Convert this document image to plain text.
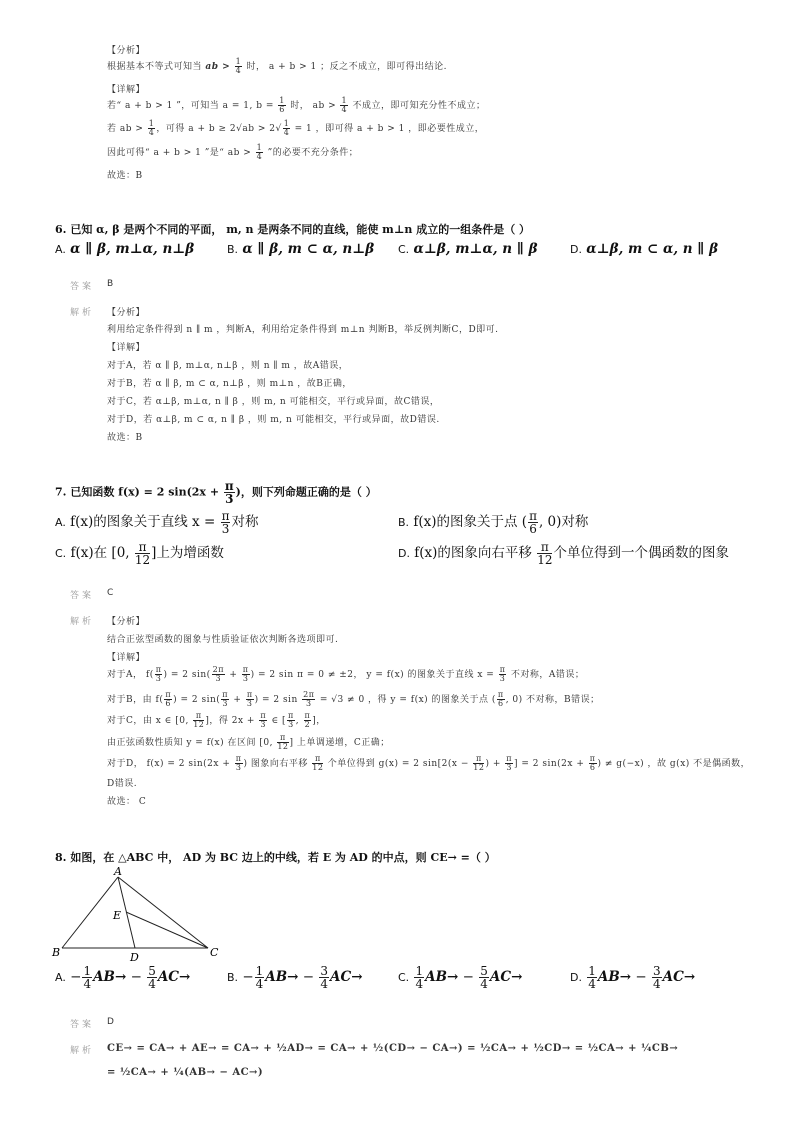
【分析】
根据基本不等式可知当 ab > $\frac{1}{4}$ 时， a + b > 1 ；反之不成立，即可得出结论.
【详解】
若“ a + b > 1 ”，可知当 a = 1, $b = \frac{1}{6}$ 时， ab > $\frac{1}{4}$ 不成立，即可知充分性不成立；
若 ab > $\frac{1}{4}$ ，可得 $a + b \ge 2√ab > 2√ \frac{1}{4} = 1$ ，即可得 a + b > 1 ，即必要性成立，
因此可得“ a + b > 1 ”是“ ab > $\frac{1}{4}$ ”的必要不充分条件；
故选：B
6. 已知 α, β 是两个不同的平面， m, n 是两条不同的直线，能使 m⊥n 成立的一组条件是（ ）
A. α ∥ β, m⊥α, n⊥β	B. α ∥ β, m ⊂ α, n⊥β C. α⊥β, m⊥α, n ∥ β	D. α⊥β, m ⊂ α, n ∥ β
答案 B
解析 【分析】
利用给定条件得到 n ∥ m ，判断A，利用给定条件得到 m⊥n 判断B，举反例判断C，D即可.
【详解】
对于A，若 α ∥ β, m⊥α, n⊥β ，则 n ∥ m ，故A错误，
对于B，若 α ∥ β, m ⊂ α, n⊥β ，则 m⊥n ，故B正确，
对于C，若 α⊥β, m⊥α, n ∥ β ，则 m, n 可能相交，平行或异面，故C错误，
对于D，若 α⊥β, m ⊂ α, n ∥ β ，则 m, n 可能相交，平行或异面，故D错误.
故选：B
7. 已知函数 f(x) = 2 $\sin(2x + \frac{\pi}{3}$ )，则下列命题正确的是（ ）
A. f(x)的图象关于直线 $x = \frac{\pi}{3}$ 对称	B. f(x)的图象关于点 ( $\frac{\pi}{6}$ , 0)对称
C. f(x)在 [0, $\frac{\pi}{12}$ ]上为增函数	D. f(x)的图象向右平移 $\frac{\pi}{12}$ 个单位得到一个偶函数的图象
答案 C
解析 【分析】
结合正弦型函数的图象与性质验证依次判断各选项即可.
【详解】
对于A， $f( \frac{\pi}{3}$ ) = 2 $\sin( \frac{2\pi}{3} + \frac{\pi}{3}$ ) = 2 sin π = 0 ≠ ±2， y = f(x) 的图象关于直线 $x = \frac{\pi}{3}$ 不对称，A错误；
对于B，由 $f( \frac{\pi}{6}$ ) = 2 $\sin( \frac{\pi}{3} + \frac{\pi}{3}$ ) = 2 $\sin \frac{2\pi}{3} = √3 \ne 0$ ，得 y = f(x) 的图象关于点 ( $\frac{\pi}{6}$ , 0) 不对称，B错误；
对于C，由 x ∈ [0, $\frac{\pi}{12}$ ]，得 $2x + \frac{\pi}{3}$ ∈ [ $\frac{\pi}{3}$ , $\frac{\pi}{2}$ ]，
由正弦函数性质知 y = f(x) 在区间 [0, $\frac{\pi}{12}$ ] 上单调递增，C正确；
对于D， f(x) = 2 $\sin(2x + \frac{\pi}{3}$ ) 图象向右平移 $\frac{\pi}{12}$ 个单位得到 g(x) = 2 $\sin[2(x - \frac{\pi}{12}$ ) + $\frac{\pi}{3}$ ] = 2 $\sin(2x + \frac{\pi}{6}$ ) ≠ g(−x) ，故 g(x) 不是偶函数，
D错误.
故选： C
8. 如图，在 △ABC 中， AD 为 BC 边上的中线，若 E 为 AD 的中点，则 CE→ =（ ）
A
B	C
D
E
A. − $\frac{1}{4} AB\to - \frac{5}{4} AC\to$	B. − $\frac{1}{4} AB\to - \frac{3}{4} AC\to$	C. $\frac{1}{4} AB\to - \frac{5}{4} AC\to$	D. $\frac{1}{4} AB\to - \frac{3}{4} AC\to$
答案 D
解析 CE→ = CA→ + AE→ = CA→ + ½AD→ = CA→ + ½(CD→ − CA→) = ½CA→ + ½CD→ = ½CA→ + ¼CB→
= ½CA→ + ¼(AB→ − AC→)
